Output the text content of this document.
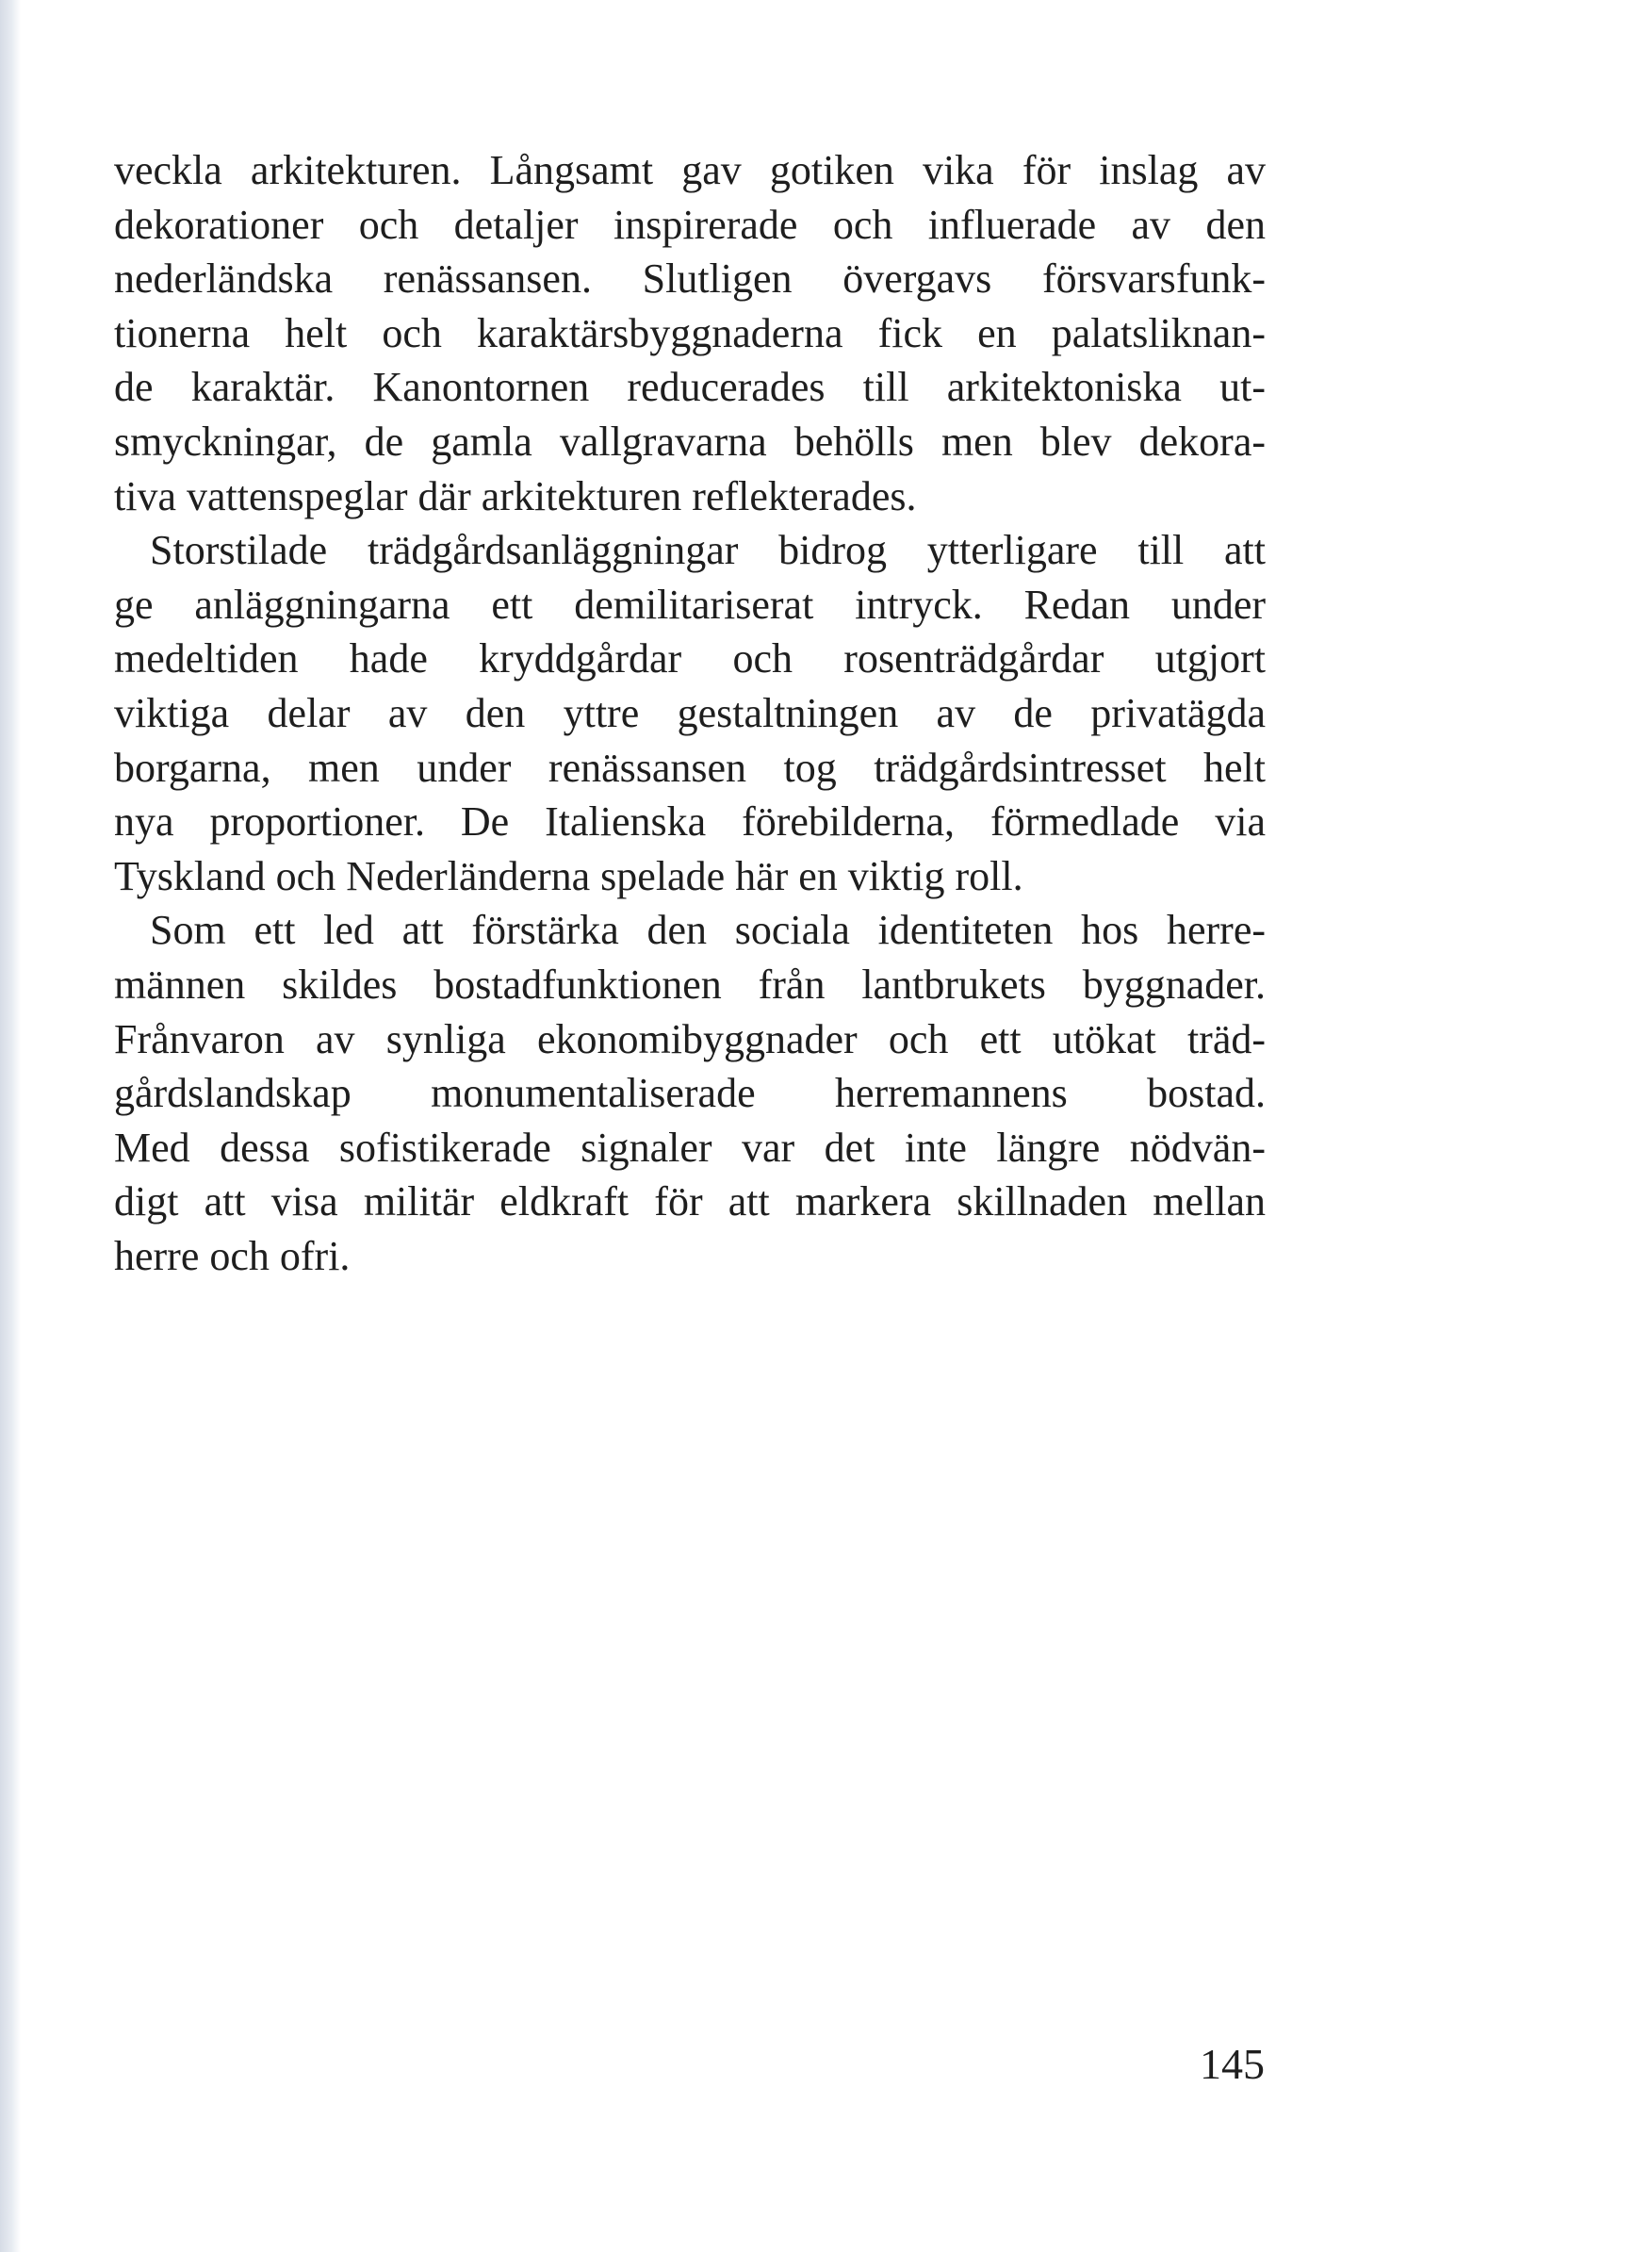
veckla arkitekturen. Långsamt gav gotiken vika för inslag av
dekorationer och detaljer inspirerade och influerade av den
nederländska renässansen. Slutligen övergavs försvarsfunk-
tionerna helt och karaktärsbyggnaderna fick en palatsliknan-
de karaktär. Kanontornen reducerades till arkitektoniska ut-
smyckningar, de gamla vallgravarna behölls men blev dekora-
tiva vattenspeglar där arkitekturen reflekterades.
Storstilade trädgårdsanläggningar bidrog ytterligare till att
ge anläggningarna ett demilitariserat intryck. Redan under
medeltiden hade kryddgårdar och rosenträdgårdar utgjort
viktiga delar av den yttre gestaltningen av de privatägda
borgarna, men under renässansen tog trädgårdsintresset helt
nya proportioner. De Italienska förebilderna, förmedlade via
Tyskland och Nederländerna spelade här en viktig roll.
Som ett led att förstärka den sociala identiteten hos herre-
männen skildes bostadfunktionen från lantbrukets byggnader.
Frånvaron av synliga ekonomibyggnader och ett utökat träd-
gårdslandskap monumentaliserade herremannens bostad.
Med dessa sofistikerade signaler var det inte längre nödvän-
digt att visa militär eldkraft för att markera skillnaden mellan
herre och ofri.
145
